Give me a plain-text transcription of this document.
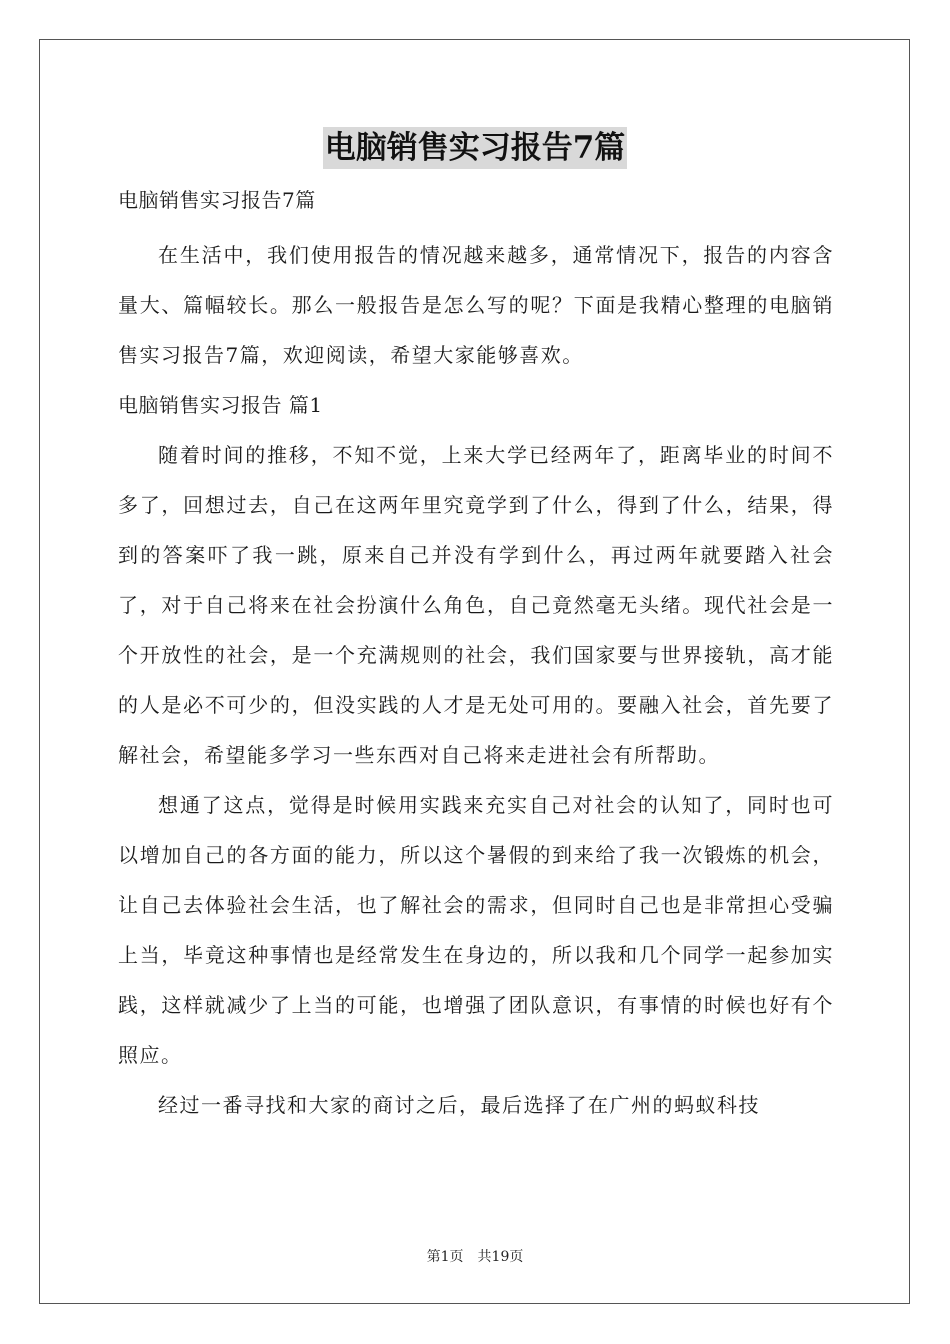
电脑销售实习报告7篇

电脑销售实习报告7篇

在生活中，我们使用报告的情况越来越多，通常情况下，报告的内容含量大、篇幅较长。那么一般报告是怎么写的呢？下面是我精心整理的电脑销售实习报告7篇，欢迎阅读，希望大家能够喜欢。

电脑销售实习报告 篇1

随着时间的推移，不知不觉，上来大学已经两年了，距离毕业的时间不多了，回想过去，自己在这两年里究竟学到了什么，得到了什么，结果，得到的答案吓了我一跳，原来自己并没有学到什么，再过两年就要踏入社会了，对于自己将来在社会扮演什么角色，自己竟然毫无头绪。现代社会是一个开放性的社会，是一个充满规则的社会，我们国家要与世界接轨，高才能的人是必不可少的，但没实践的人才是无处可用的。要融入社会，首先要了解社会，希望能多学习一些东西对自己将来走进社会有所帮助。

想通了这点，觉得是时候用实践来充实自己对社会的认知了，同时也可以增加自己的各方面的能力，所以这个暑假的到来给了我一次锻炼的机会，让自己去体验社会生活，也了解社会的需求，但同时自己也是非常担心受骗上当，毕竟这种事情也是经常发生在身边的，所以我和几个同学一起参加实践，这样就减少了上当的可能，也增强了团队意识，有事情的时候也好有个照应。

经过一番寻找和大家的商讨之后，最后选择了在广州的蚂蚁科技

第1页　共19页
